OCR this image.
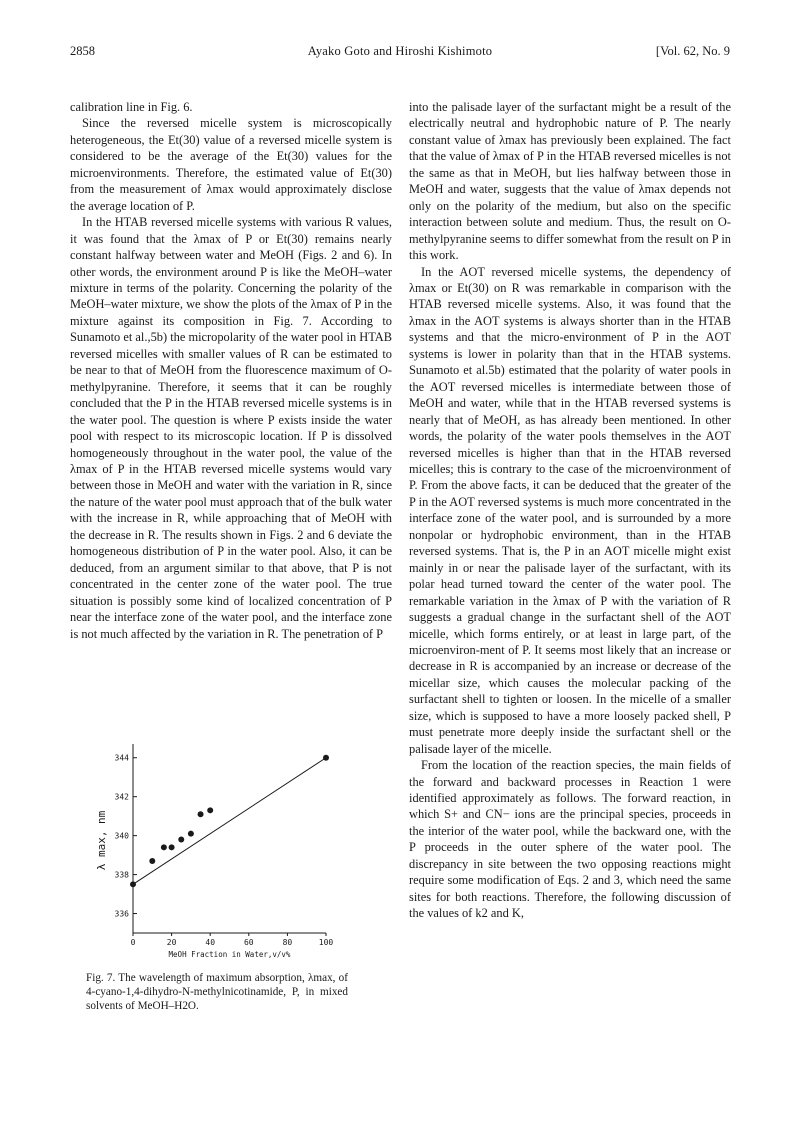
2858	Ayako Goto and Hiroshi Kishimoto	[Vol. 62, No. 9

calibration line in Fig. 6.

Since the reversed micelle system is microscopically heterogeneous, the Et(30) value of a reversed micelle system is considered to be the average of the Et(30) values for the microenvironments. Therefore, the estimated value of Et(30) from the measurement of λmax would approximately disclose the average location of P.

In the HTAB reversed micelle systems with various R values, it was found that the λmax of P or Et(30) remains nearly constant halfway between water and MeOH (Figs. 2 and 6). In other words, the environment around P is like the MeOH–water mixture in terms of the polarity. Concerning the polarity of the MeOH–water mixture, we show the plots of the λmax of P in the mixture against its composition in Fig. 7. According to Sunamoto et al.,5b) the micropolarity of the water pool in HTAB reversed micelles with smaller values of R can be estimated to be near to that of MeOH from the fluorescence maximum of O-methylpyranine. Therefore, it seems that it can be roughly concluded that the P in the HTAB reversed micelle systems is in the water pool. The question is where P exists inside the water pool with respect to its microscopic location. If P is dissolved homogeneously throughout in the water pool, the value of the λmax of P in the HTAB reversed micelle systems would vary between those in MeOH and water with the variation in R, since the nature of the water pool must approach that of the bulk water with the increase in R, while approaching that of MeOH with the decrease in R. The results shown in Figs. 2 and 6 deviate the homogeneous distribution of P in the water pool. Also, it can be deduced, from an argument similar to that above, that P is not concentrated in the center zone of the water pool. The true situation is possibly some kind of localized concentration of P near the interface zone of the water pool, and the interface zone is not much affected by the variation in R. The penetration of P

0	20	40	60	80	100
336
338
340
342
344
MeOH Fraction in Water,v/v%
λ max, nm
Fig. 7. The wavelength of maximum absorption, λmax, of 4-cyano-1,4-dihydro-N-methylnicotinamide, P, in mixed solvents of MeOH–H2O.

into the palisade layer of the surfactant might be a result of the electrically neutral and hydrophobic nature of P. The nearly constant value of λmax has previously been explained. The fact that the value of λmax of P in the HTAB reversed micelles is not the same as that in MeOH, but lies halfway between those in MeOH and water, suggests that the value of λmax depends not only on the polarity of the medium, but also on the specific interaction between solute and medium. Thus, the result on O-methylpyranine seems to differ somewhat from the result on P in this work.

In the AOT reversed micelle systems, the dependency of λmax or Et(30) on R was remarkable in comparison with the HTAB reversed micelle systems. Also, it was found that the λmax in the AOT systems is always shorter than in the HTAB systems and that the micro-environment of P in the AOT systems is lower in polarity than that in the HTAB systems. Sunamoto et al.5b) estimated that the polarity of water pools in the AOT reversed micelles is intermediate between those of MeOH and water, while that in the HTAB reversed systems is nearly that of MeOH, as has already been mentioned. In other words, the polarity of the water pools themselves in the AOT reversed micelles is higher than that in the HTAB reversed micelles; this is contrary to the case of the microenvironment of P. From the above facts, it can be deduced that the greater of the P in the AOT reversed systems is much more concentrated in the interface zone of the water pool, and is surrounded by a more nonpolar or hydrophobic environment, than in the HTAB reversed systems. That is, the P in an AOT micelle might exist mainly in or near the palisade layer of the surfactant, with its polar head turned toward the center of the water pool. The remarkable variation in the λmax of P with the variation of R suggests a gradual change in the surfactant shell of the AOT micelle, which forms entirely, or at least in large part, of the microenviron-ment of P. It seems most likely that an increase or decrease in R is accompanied by an increase or decrease of the micellar size, which causes the molecular packing of the surfactant shell to tighten or loosen. In the micelle of a smaller size, which is supposed to have a more loosely packed shell, P must penetrate more deeply inside the surfactant shell or the palisade layer of the micelle.

From the location of the reaction species, the main fields of the forward and backward processes in Reaction 1 were identified approximately as follows. The forward reaction, in which S+ and CN− ions are the principal species, proceeds in the interior of the water pool, while the backward one, with the P proceeds in the outer sphere of the water pool. The discrepancy in site between the two opposing reactions might require some modification of Eqs. 2 and 3, which need the same sites for both reactions. Therefore, the following discussion of the values of k2 and K,
